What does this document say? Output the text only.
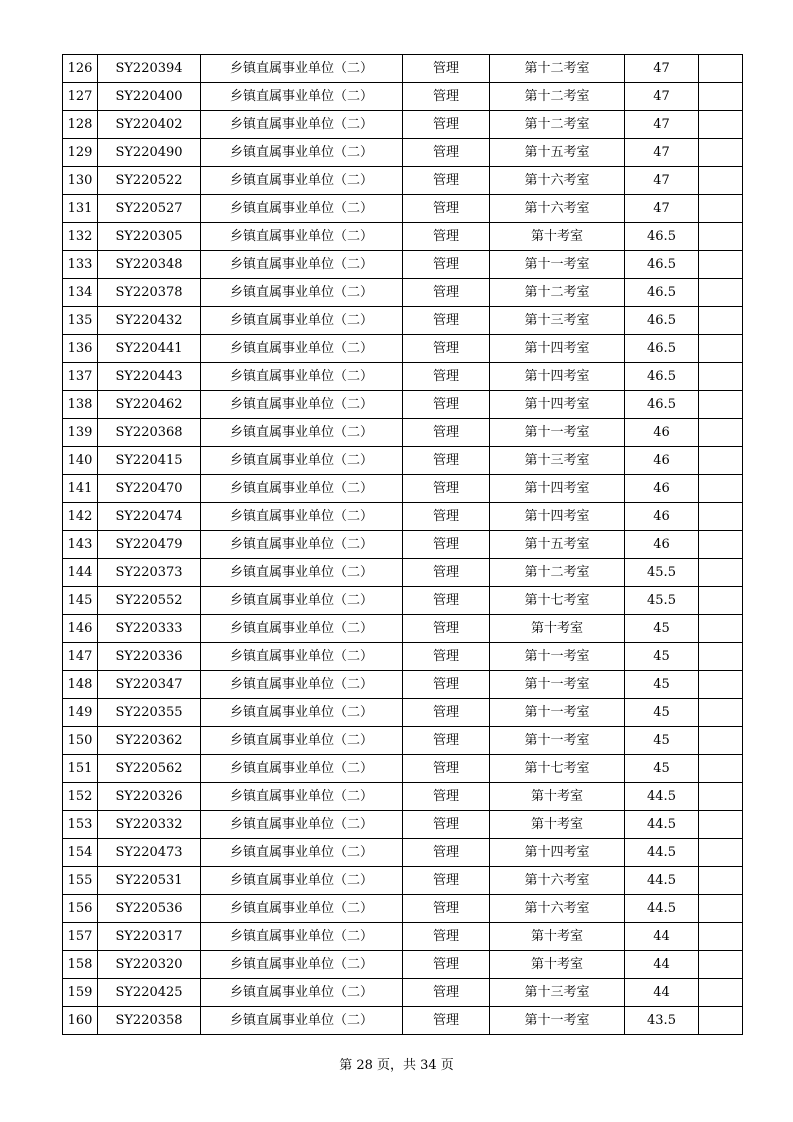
126	SY220394	乡镇直属事业单位（二）	管理	第十二考室	47	
127	SY220400	乡镇直属事业单位（二）	管理	第十二考室	47	
128	SY220402	乡镇直属事业单位（二）	管理	第十二考室	47	
129	SY220490	乡镇直属事业单位（二）	管理	第十五考室	47	
130	SY220522	乡镇直属事业单位（二）	管理	第十六考室	47	
131	SY220527	乡镇直属事业单位（二）	管理	第十六考室	47	
132	SY220305	乡镇直属事业单位（二）	管理	第十考室	46.5	
133	SY220348	乡镇直属事业单位（二）	管理	第十一考室	46.5	
134	SY220378	乡镇直属事业单位（二）	管理	第十二考室	46.5	
135	SY220432	乡镇直属事业单位（二）	管理	第十三考室	46.5	
136	SY220441	乡镇直属事业单位（二）	管理	第十四考室	46.5	
137	SY220443	乡镇直属事业单位（二）	管理	第十四考室	46.5	
138	SY220462	乡镇直属事业单位（二）	管理	第十四考室	46.5	
139	SY220368	乡镇直属事业单位（二）	管理	第十一考室	46	
140	SY220415	乡镇直属事业单位（二）	管理	第十三考室	46	
141	SY220470	乡镇直属事业单位（二）	管理	第十四考室	46	
142	SY220474	乡镇直属事业单位（二）	管理	第十四考室	46	
143	SY220479	乡镇直属事业单位（二）	管理	第十五考室	46	
144	SY220373	乡镇直属事业单位（二）	管理	第十二考室	45.5	
145	SY220552	乡镇直属事业单位（二）	管理	第十七考室	45.5	
146	SY220333	乡镇直属事业单位（二）	管理	第十考室	45	
147	SY220336	乡镇直属事业单位（二）	管理	第十一考室	45	
148	SY220347	乡镇直属事业单位（二）	管理	第十一考室	45	
149	SY220355	乡镇直属事业单位（二）	管理	第十一考室	45	
150	SY220362	乡镇直属事业单位（二）	管理	第十一考室	45	
151	SY220562	乡镇直属事业单位（二）	管理	第十七考室	45	
152	SY220326	乡镇直属事业单位（二）	管理	第十考室	44.5	
153	SY220332	乡镇直属事业单位（二）	管理	第十考室	44.5	
154	SY220473	乡镇直属事业单位（二）	管理	第十四考室	44.5	
155	SY220531	乡镇直属事业单位（二）	管理	第十六考室	44.5	
156	SY220536	乡镇直属事业单位（二）	管理	第十六考室	44.5	
157	SY220317	乡镇直属事业单位（二）	管理	第十考室	44	
158	SY220320	乡镇直属事业单位（二）	管理	第十考室	44	
159	SY220425	乡镇直属事业单位（二）	管理	第十三考室	44	
160	SY220358	乡镇直属事业单位（二）	管理	第十一考室	43.5	
第 28 页，共 34 页
